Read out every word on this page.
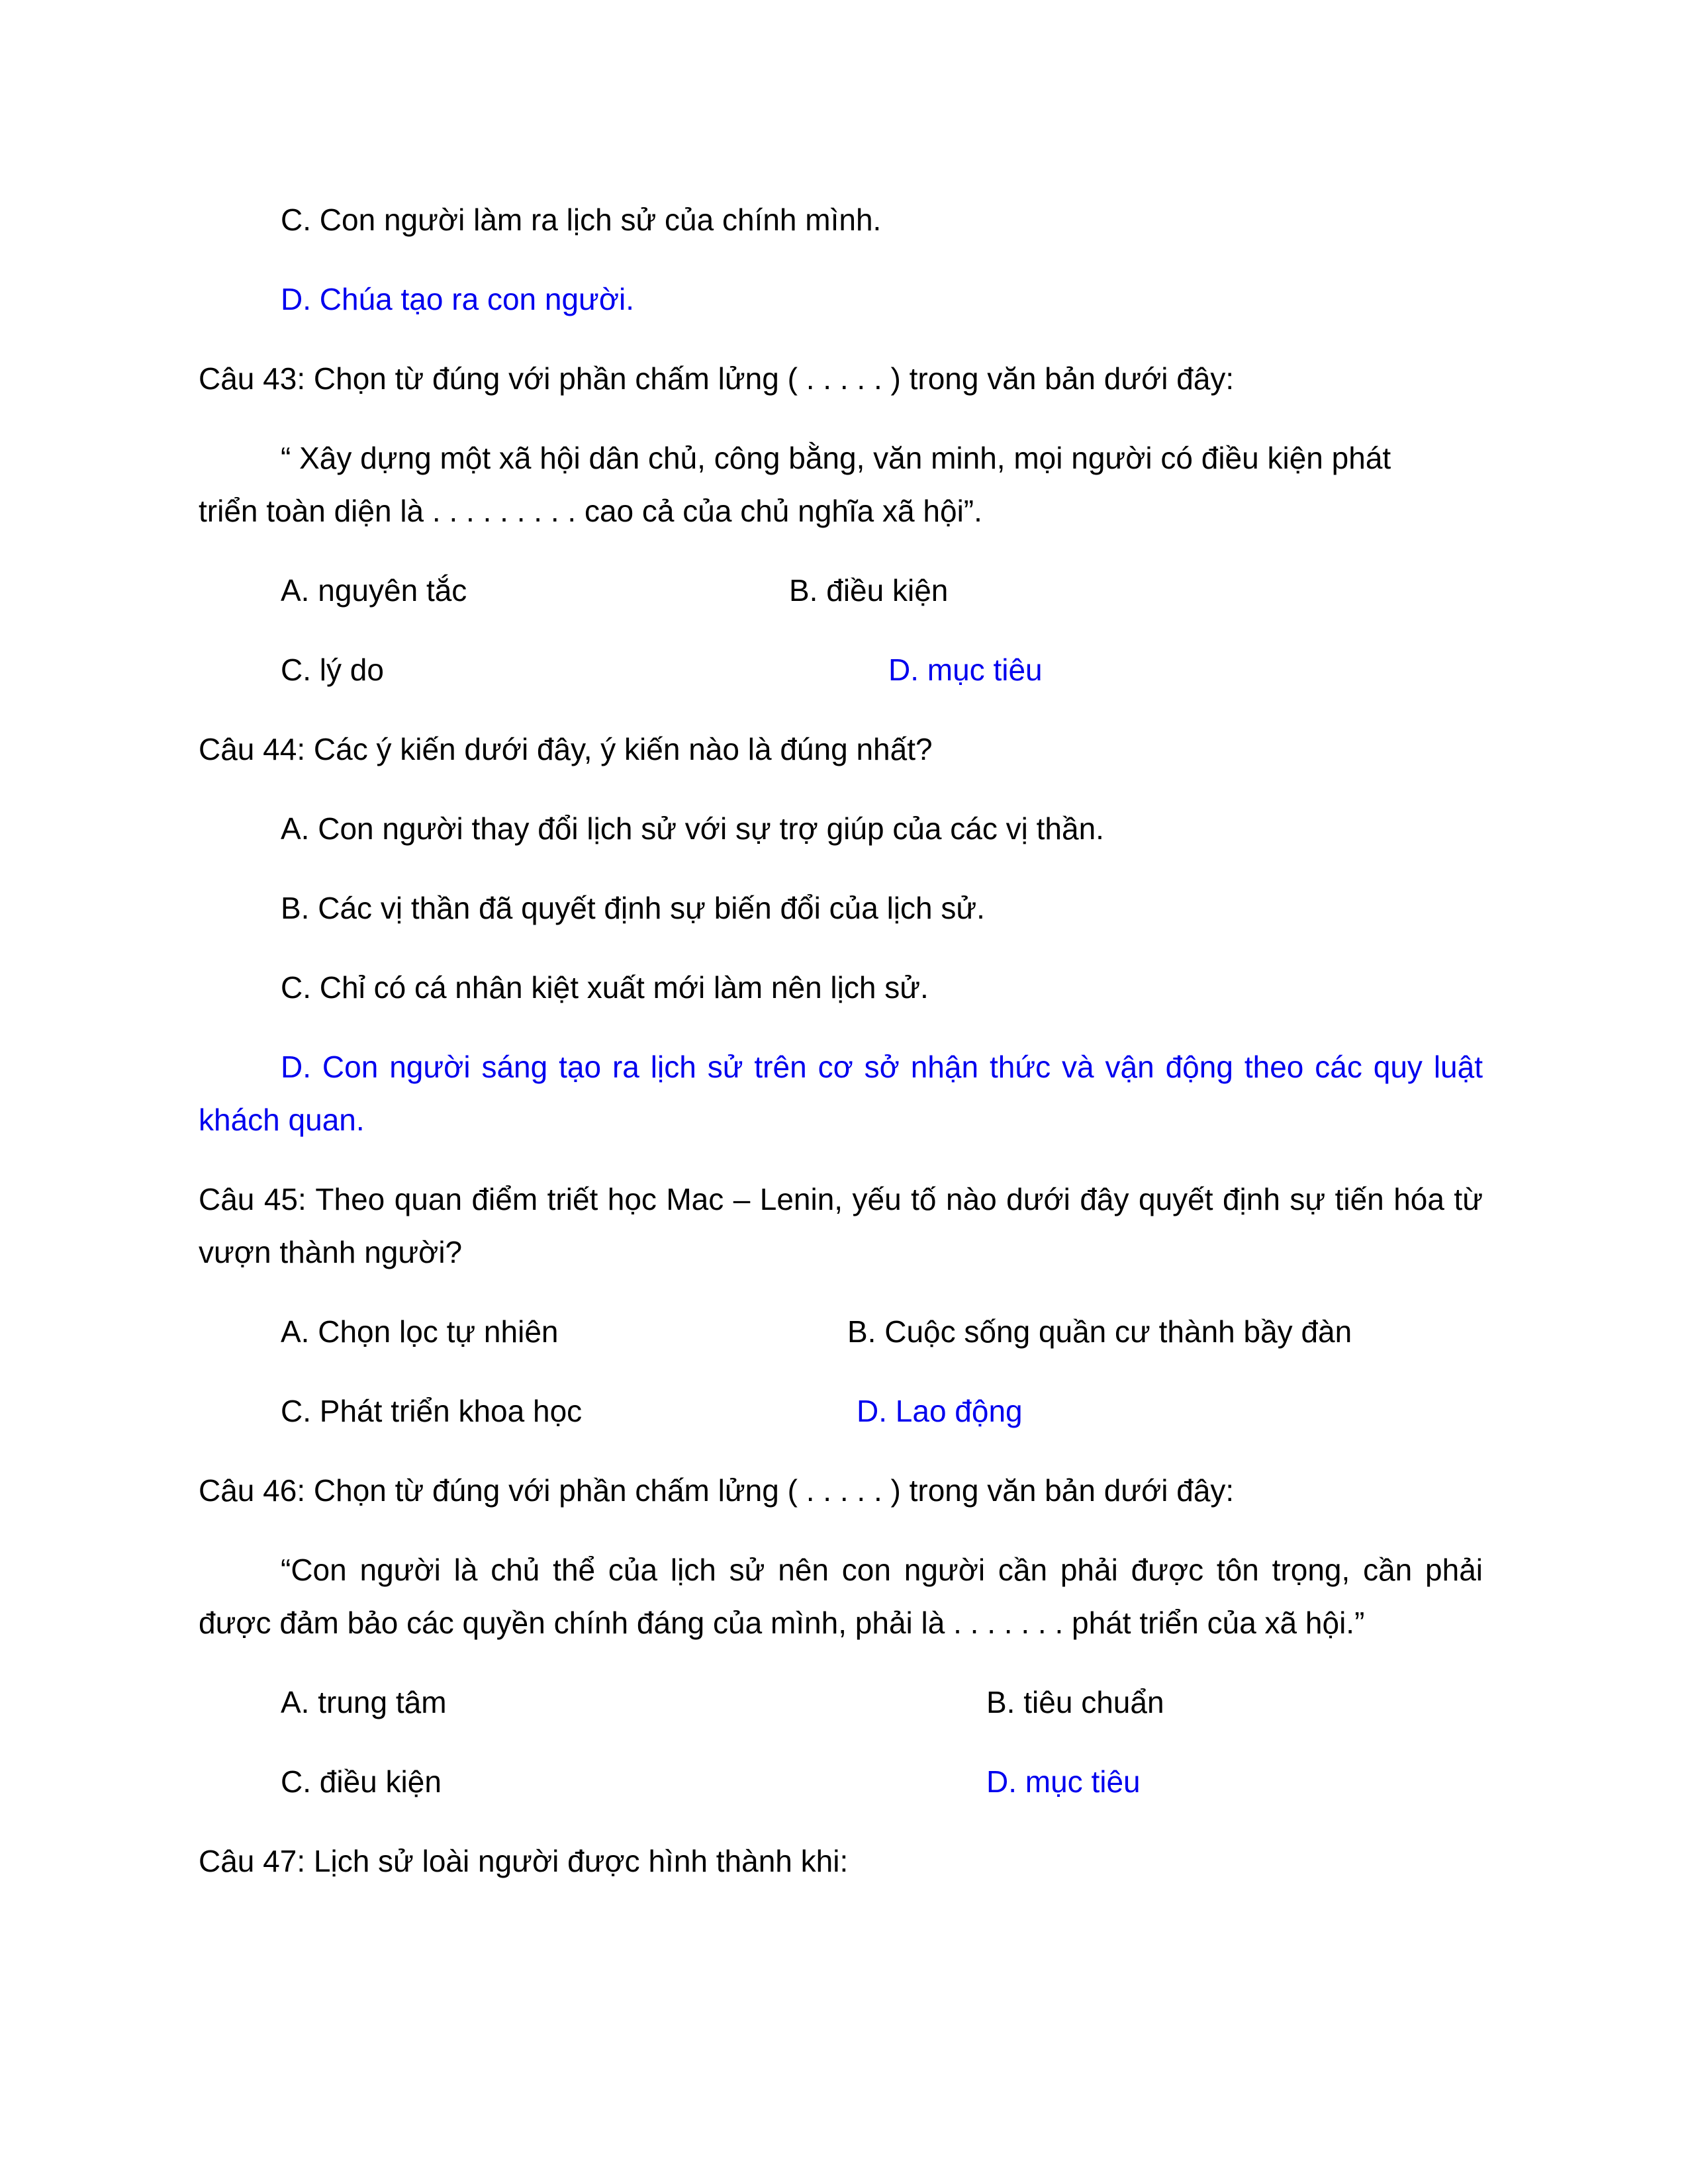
C. Con người làm ra lịch sử của chính mình.

D. Chúa tạo ra con người.

Câu 43: Chọn từ đúng với phần chấm lửng ( . . . . . ) trong văn bản dưới đây:

“ Xây dựng một xã hội dân chủ, công bằng, văn minh, mọi người có điều kiện phát

triển toàn diện là . . . . . . . . . cao cả của chủ nghĩa xã hội”.

A. nguyên tắc	B. điều kiện

C. lý do	D. mục tiêu

Câu 44: Các ý kiến dưới đây, ý kiến nào là đúng nhất?

A. Con người thay đổi lịch sử với sự trợ giúp của các vị thần.

B. Các vị thần đã quyết định sự biến đổi của lịch sử.

C. Chỉ có cá nhân kiệt xuất mới làm nên lịch sử.

D. Con người sáng tạo ra lịch sử trên cơ sở nhận thức và vận động theo các quy luật khách quan.

Câu 45: Theo quan điểm triết học Mac – Lenin, yếu tố nào dưới đây quyết định sự tiến hóa từ vượn thành người?

A. Chọn lọc tự nhiên	B. Cuộc sống quần cư thành bầy đàn

C. Phát triển khoa học	D. Lao động

Câu 46: Chọn từ đúng với phần chấm lửng ( . . . . . ) trong văn bản dưới đây:

“Con người là chủ thể của lịch sử nên con người cần phải được tôn trọng, cần phải được đảm bảo các quyền chính đáng của mình, phải là . . . . . . . phát triển của xã hội.”

A. trung tâm	B. tiêu chuẩn

C. điều kiện	D. mục tiêu

Câu 47: Lịch sử loài người được hình thành khi:
